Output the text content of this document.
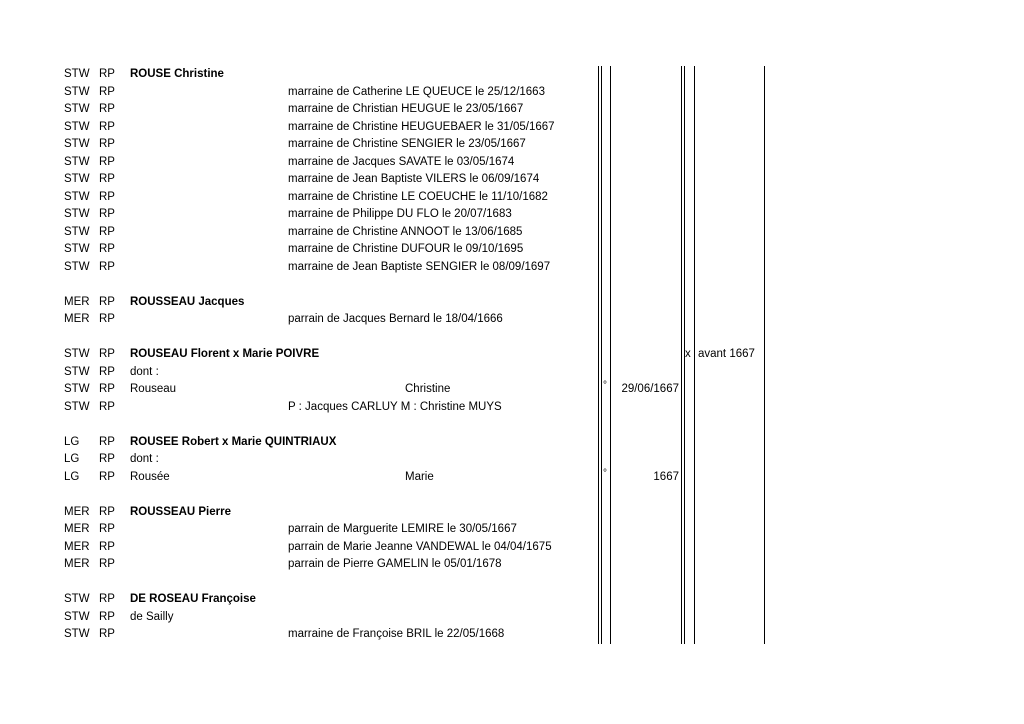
STW RP ROUSE Christine
STW RP	marraine de Catherine LE QUEUCE le 25/12/1663
STW RP	marraine de Christian HEUGUE le 23/05/1667
STW RP	marraine de Christine HEUGUEBAER le 31/05/1667
STW RP	marraine de Christine SENGIER le 23/05/1667
STW RP	marraine de Jacques SAVATE le 03/05/1674
STW RP	marraine de Jean Baptiste VILERS le 06/09/1674
STW RP	marraine de Christine LE COEUCHE le 11/10/1682
STW RP	marraine de Philippe DU FLO le 20/07/1683
STW RP	marraine de Christine ANNOOT le 13/06/1685
STW RP	marraine de Christine DUFOUR le 09/10/1695
STW RP	marraine de Jean Baptiste SENGIER le 08/09/1697
MER RP ROUSSEAU Jacques
MER RP	parrain de Jacques Bernard le 18/04/1666
STW RP ROUSEAU Florent x Marie POIVRE	x avant 1667
STW RP dont :
STW RP Rouseau	Christine	°	29/06/1667
STW RP	P : Jacques CARLUY M : Christine MUYS
LG RP ROUSEE Robert x Marie QUINTRIAUX
LG RP dont :
LG RP Rousée	Marie	°	1667
MER RP ROUSSEAU Pierre
MER RP	parrain de Marguerite LEMIRE le 30/05/1667
MER RP	parrain de Marie Jeanne VANDEWAL le 04/04/1675
MER RP	parrain de Pierre GAMELIN le 05/01/1678
STW RP DE ROSEAU Françoise
STW RP de Sailly
STW RP	marraine de Françoise BRIL le 22/05/1668
